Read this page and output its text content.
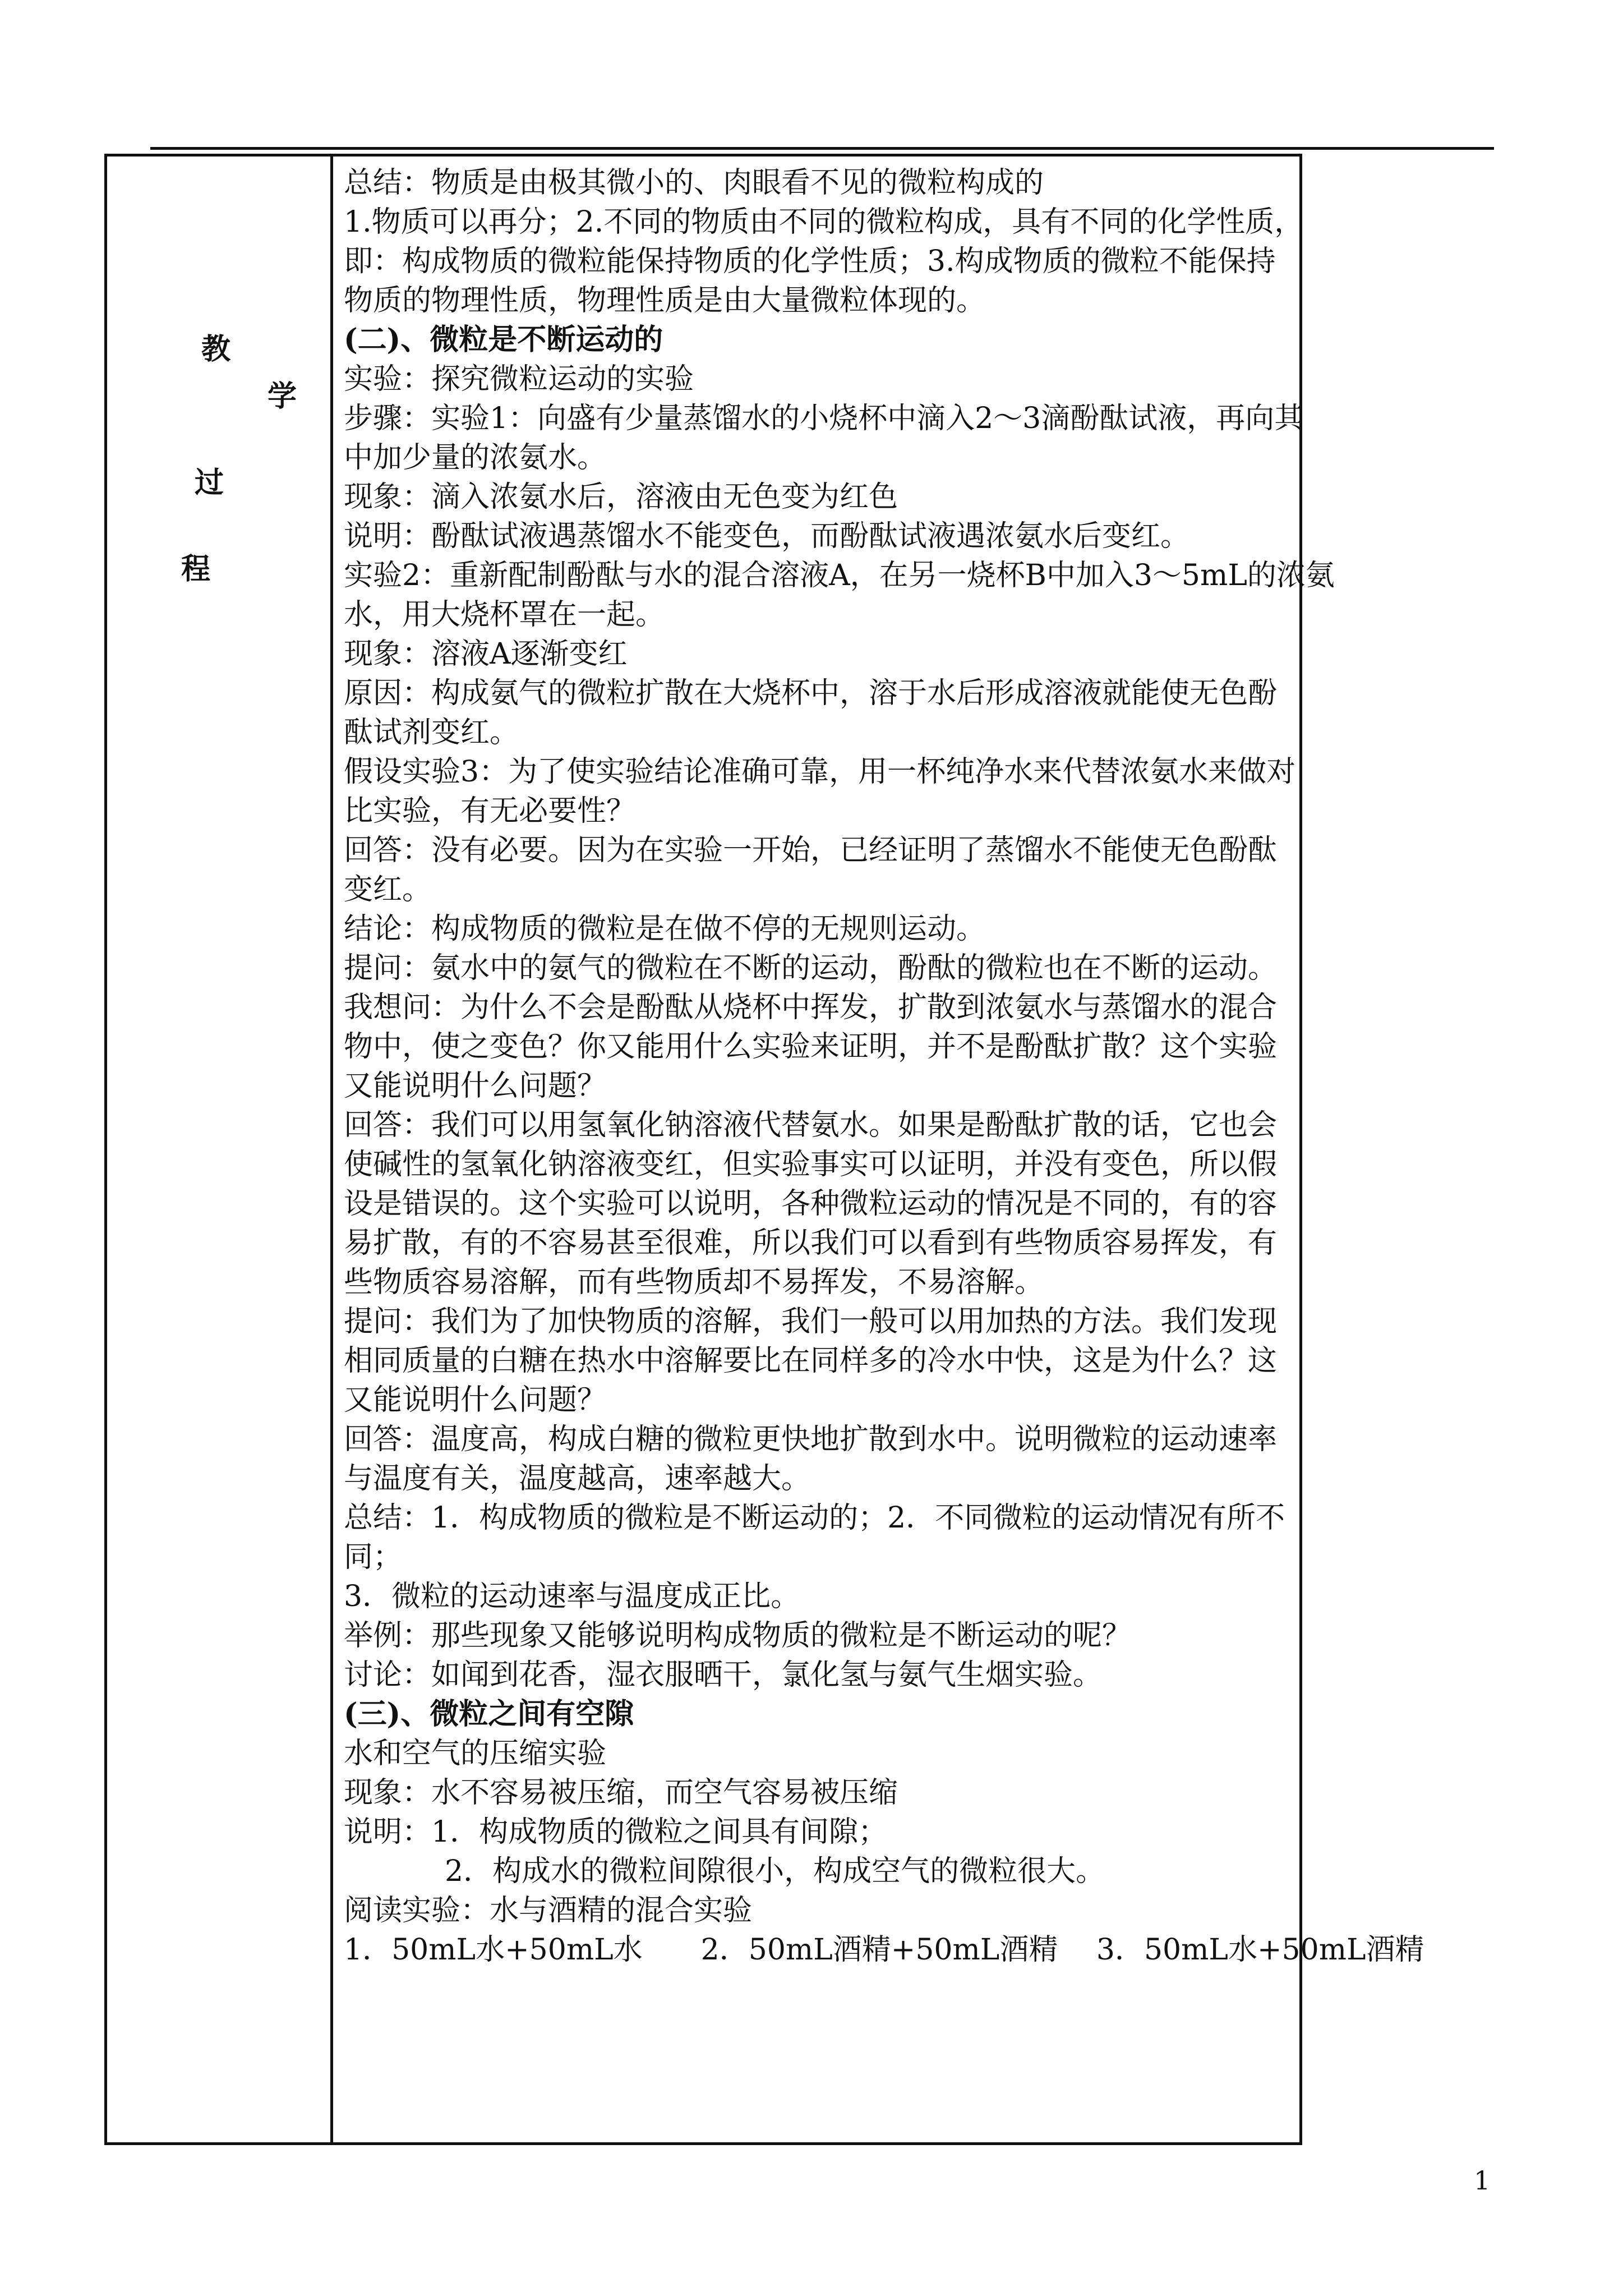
教
学
过
程
总结：物质是由极其微小的、肉眼看不见的微粒构成的
1.物质可以再分；2.不同的物质由不同的微粒构成，具有不同的化学性质，
即：构成物质的微粒能保持物质的化学性质；3.构成物质的微粒不能保持
物质的物理性质，物理性质是由大量微粒体现的。
(二)、微粒是不断运动的
实验：探究微粒运动的实验
步骤：实验1：向盛有少量蒸馏水的小烧杯中滴入2～3滴酚酞试液，再向其
中加少量的浓氨水。
现象：滴入浓氨水后，溶液由无色变为红色
说明：酚酞试液遇蒸馏水不能变色，而酚酞试液遇浓氨水后变红。
实验2：重新配制酚酞与水的混合溶液A，在另一烧杯B中加入3～5mL的浓氨
水，用大烧杯罩在一起。
现象：溶液A逐渐变红
原因：构成氨气的微粒扩散在大烧杯中，溶于水后形成溶液就能使无色酚
酞试剂变红。
假设实验3：为了使实验结论准确可靠，用一杯纯净水来代替浓氨水来做对
比实验，有无必要性？
回答：没有必要。因为在实验一开始，已经证明了蒸馏水不能使无色酚酞
变红。
结论：构成物质的微粒是在做不停的无规则运动。
提问：氨水中的氨气的微粒在不断的运动，酚酞的微粒也在不断的运动。
我想问：为什么不会是酚酞从烧杯中挥发，扩散到浓氨水与蒸馏水的混合
物中，使之变色？你又能用什么实验来证明，并不是酚酞扩散？这个实验
又能说明什么问题？
回答：我们可以用氢氧化钠溶液代替氨水。如果是酚酞扩散的话，它也会
使碱性的氢氧化钠溶液变红，但实验事实可以证明，并没有变色，所以假
设是错误的。这个实验可以说明，各种微粒运动的情况是不同的，有的容
易扩散，有的不容易甚至很难，所以我们可以看到有些物质容易挥发，有
些物质容易溶解，而有些物质却不易挥发，不易溶解。
提问：我们为了加快物质的溶解，我们一般可以用加热的方法。我们发现
相同质量的白糖在热水中溶解要比在同样多的冷水中快，这是为什么？这
又能说明什么问题？
回答：温度高，构成白糖的微粒更快地扩散到水中。说明微粒的运动速率
与温度有关，温度越高，速率越大。
总结：1．构成物质的微粒是不断运动的；2．不同微粒的运动情况有所不
同；
3．微粒的运动速率与温度成正比。
举例：那些现象又能够说明构成物质的微粒是不断运动的呢？
讨论：如闻到花香，湿衣服晒干，氯化氢与氨气生烟实验。
(三)、微粒之间有空隙
水和空气的压缩实验
现象：水不容易被压缩，而空气容易被压缩
说明：1．构成物质的微粒之间具有间隙；
2．构成水的微粒间隙很小，构成空气的微粒很大。
阅读实验：水与酒精的混合实验
1．50mL水+50mL水　　2．50mL酒精+50mL酒精　 3．50mL水+50mL酒精
1
